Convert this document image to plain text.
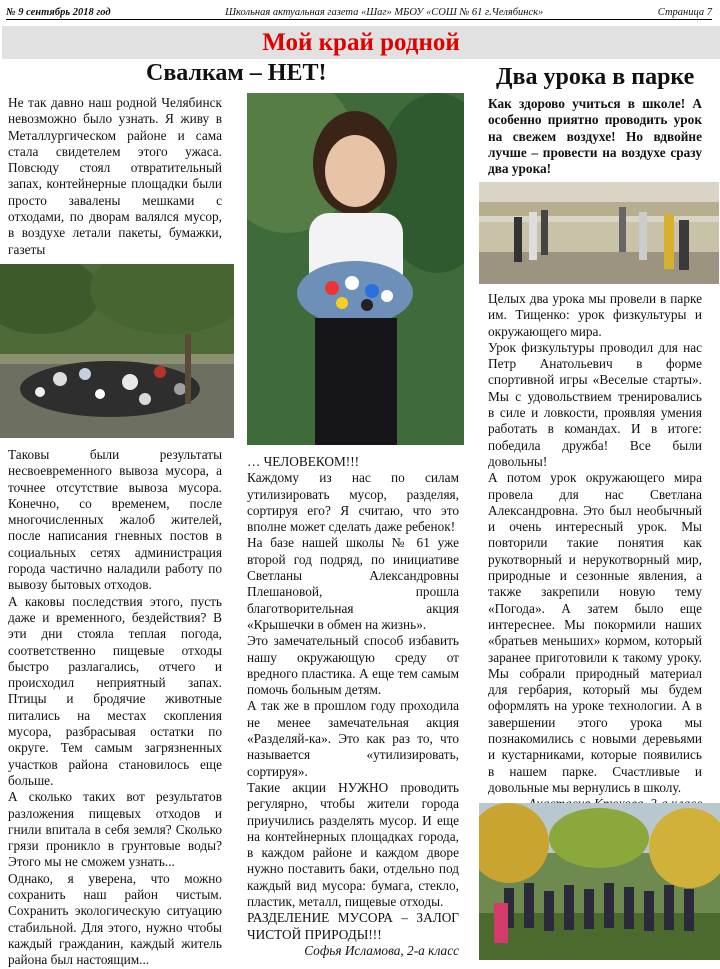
№ 9 сентябрь 2018 год	Школьная актуальная газета «Шаг» МБОУ «СОШ № 61 г.Челябинск»	Страница 7
Мой край родной
Свалкам – НЕТ!	Два урока в парке

Не так давно наш родной Челябинск невозможно было узнать. Я живу в Металлургическом районе и сама стала свидетелем этого ужаса. Повсюду стоял отвратительный запах, контейнерные площадки были просто завалены мешками с отходами, по дворам валялся мусор, в воздухе летали пакеты, бумажки, газеты

Таковы были результаты несвоевременного вывоза мусора, а точнее отсутствие вывоза мусора. Конечно, со временем, после многочисленных жалоб жителей, после написания гневных постов в социальных сетях администрация города частично наладили работу по вывозу бытовых отходов.

А каковы последствия этого, пусть даже и временного, бездействия? В эти дни стояла теплая погода, соответственно пищевые отходы быстро разлагались, отчего и происходил неприятный запах. Птицы и бродячие животные питались на местах скопления мусора, разбрасывая остатки по округе. Тем самым загрязненных участков района становилось еще больше.

А сколько таких вот результатов разложения пищевых отходов и гнили впитала в себя земля? Сколько грязи проникло в грунтовые воды? Этого мы не сможем узнать...

Однако, я уверена, что можно сохранить наш район чистым. Сохранить экологическую ситуацию стабильной. Для этого, нужно чтобы каждый гражданин, каждый житель района был настоящим...

… ЧЕЛОВЕКОМ!!!

Каждому из нас по силам утилизировать мусор, разделяя, сортируя его? Я считаю, что это вполне может сделать даже ребенок!

На базе нашей школы № 61 уже второй год подряд, по инициативе Светланы Александровны Плешановой, прошла благотворительная акция «Крышечки в обмен на жизнь».

Это замечательный способ избавить нашу окружающую среду от вредного пластика. А еще тем самым помочь больным детям.

А так же в прошлом году проходила не менее замечательная акция «Разделяй-ка». Это как раз то, что называется «утилизировать, сортируя».

Такие акции НУЖНО проводить регулярно, чтобы жители города приучились разделять мусор. И еще на контейнерных площадках города, в каждом районе и каждом дворе нужно поставить баки, отдельно под каждый вид мусора: бумага, стекло, пластик, металл, пищевые отходы.

РАЗДЕЛЕНИЕ МУСОРА – ЗАЛОГ ЧИСТОЙ ПРИРОДЫ!!!

Софья Исламова, 2-а класс

Как здорово учиться в школе! А особенно приятно проводить урок на свежем воздухе! Но вдвойне лучше – провести на воздухе сразу два урока!

Целых два урока мы провели в парке им. Тищенко: урок физкультуры и окружающего мира.

Урок физкультуры проводил для нас Петр Анатольевич в форме спортивной игры «Веселые старты». Мы с удовольствием тренировались в силе и ловкости, проявляя умения работать в командах. И в итоге: победила дружба! Все были довольны!

А потом урок окружающего мира провела для нас Светлана Александровна. Это был необычный и очень интересный урок. Мы повторили такие понятия как рукотворный и нерукотворный мир, природные и сезонные явления, а также закрепили новую тему «Погода». А затем было еще интереснее. Мы покормили наших «братьев меньших» кормом, который заранее приготовили к такому уроку. Мы собрали природный материал для гербария, который мы будем оформлять на уроке технологии. А в завершении этого урока мы познакомились с новыми деревьями и кустарниками, которые появились в нашем парке. Счастливые и довольные мы вернулись в школу.
